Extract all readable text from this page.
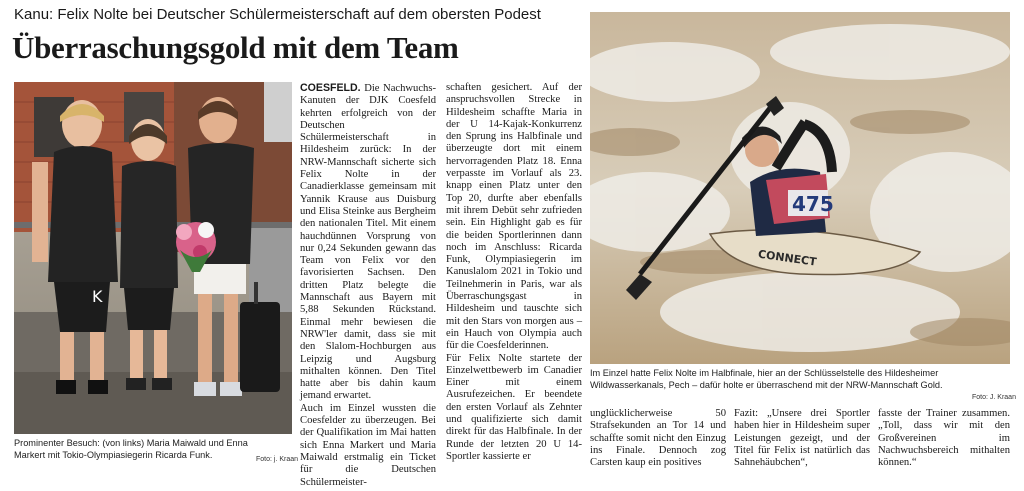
Kanu: Felix Nolte bei Deutscher Schülermeisterschaft auf dem obersten Podest
Überraschungsgold mit dem Team
K
Prominenter Besuch: (von links) Maria Maiwald und Enna Markert mit Tokio-Olympiasiegerin Ricarda Funk.	Foto: j. Kraan
COESFELD. Die Nachwuchs-Kanuten der DJK Coesfeld kehrten erfolgreich von der Deutschen Schülermeisterschaft in Hildesheim zurück: In der NRW-Mannschaft sicherte sich Felix Nolte in der Canadierklasse gemeinsam mit Yannik Krause aus Duisburg und Elisa Steinke aus Bergheim den nationalen Titel. Mit einem hauchdünnen Vorsprung von nur 0,24 Sekunden gewann das Team von Felix vor den favorisierten Sachsen. Den dritten Platz belegte die Mannschaft aus Bayern mit 5,88 Sekunden Rückstand. Einmal mehr bewiesen die NRW'ler damit, dass sie mit den Slalom-Hochburgen aus Leipzig und Augsburg mithalten können. Den Titel hatte aber bis dahin kaum jemand erwartet.
Auch im Einzel wussten die Coesfelder zu überzeugen. Bei der Qualifikation im Mai hatten sich Enna Markert und Maria Maiwald erstmalig ein Ticket für die Deutschen Schülermeister-
schaften gesichert. Auf der anspruchsvollen Strecke in Hildesheim schaffte Maria in der U 14-Kajak-Konkurrenz den Sprung ins Halbfinale und überzeugte dort mit einem hervorragenden Platz 18. Enna verpasste im Vorlauf als 23. knapp einen Platz unter den Top 20, durfte aber ebenfalls mit ihrem Debüt sehr zufrieden sein. Ein Highlight gab es für die beiden Sportlerinnen dann noch im Anschluss: Ricarda Funk, Olympiasiegerin im Kanuslalom 2021 in Tokio und Teilnehmerin in Paris, war als Überraschungsgast in Hildesheim und tauschte sich mit den Stars von morgen aus – ein Hauch von Olympia auch für die Coesfelderinnen.
Für Felix Nolte startete der Einzelwettbewerb im Canadier Einer mit einem Ausrufezeichen. Er beendete den ersten Vorlauf als Zehnter und qualifizierte sich damit direkt für das Halbfinale. In der Runde der letzten 20 U 14-Sportler kassierte er
CONNECT
475
Im Einzel hatte Felix Nolte im Halbfinale, hier an der Schlüsselstelle des Hildesheimer Wildwasserkanals, Pech – dafür holte er überraschend mit der NRW-Mannschaft Gold.
Foto: J. Kraan
unglücklicherweise 50 Strafsekunden an Tor 14 und schaffte somit nicht den Einzug ins Finale. Dennoch zog Carsten kaup ein positives
Fazit: „Unsere drei Sportler haben hier in Hildesheim super Leistungen gezeigt, und der Titel für Felix ist natürlich das Sahnehäubchen“,
fasste der Trainer zusammen. „Toll, dass wir mit den Großvereinen im Nachwuchsbereich mithalten können.“
